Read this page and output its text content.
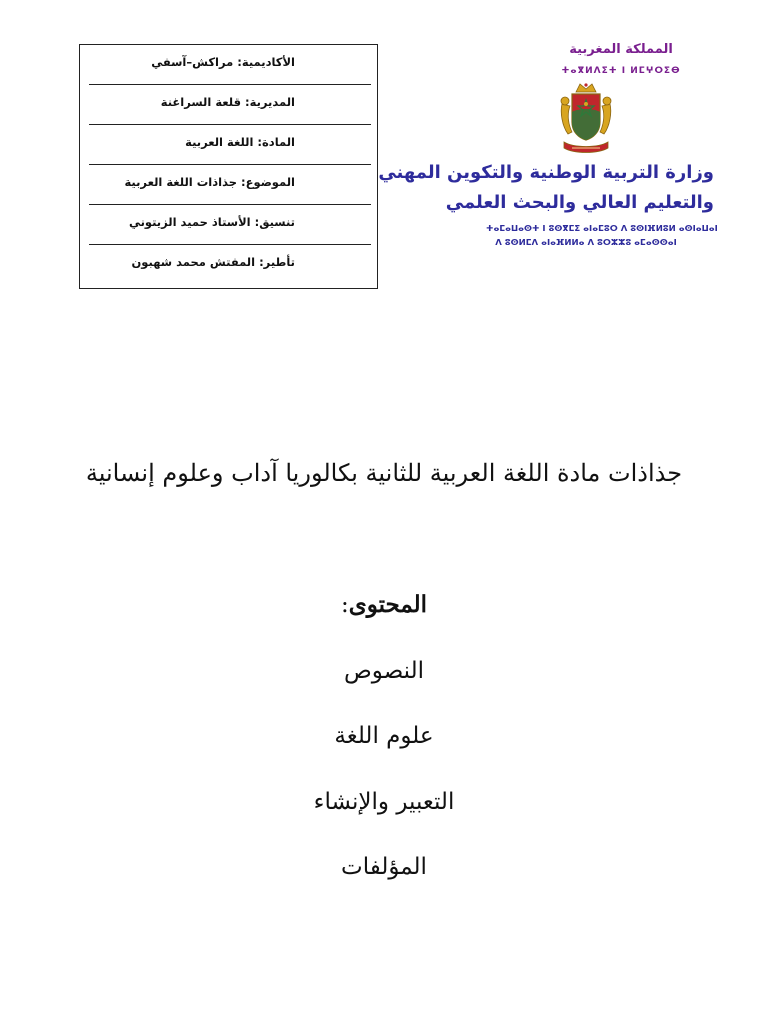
الأكاديمية: مراكش–آسفي
المديرية: قلعة السراغنة
المادة: اللغة العربية
الموضوع: جذاذات اللغة العربية
تنسيق: الأستاذ حميد الزيتوني
تأطير: المفتش محمد شهبون
المملكة المغربية
ⵜⴰⴳⵍⴷⵉⵜ ⵏ ⵍⵎⵖⵔⵉⴱ
وزارة التربية الوطنية والتكوين المهني
والتعليم العالي والبحث العلمي
ⵜⴰⵎⴰⵡⴰⵙⵜ ⵏ ⵓⵙⴳⵎⵉ ⴰⵏⴰⵎⵓⵔ ⴷ ⵓⵙⵏⴼⵍⵓⵍ ⴰⵙⵏⴰⵡⴰⵏ
ⴷ ⵓⵙⵍⵎⴷ ⴰⵏⴰⴼⵍⵍⴰ ⴷ ⵓⵔⵣⵣⵓ ⴰⵎⴰⵙⵙⴰⵏ
جذاذات مادة اللغة العربية للثانية بكالوريا آداب وعلوم إنسانية
المحتوى:
النصوص
علوم اللغة
التعبير والإنشاء
المؤلفات
